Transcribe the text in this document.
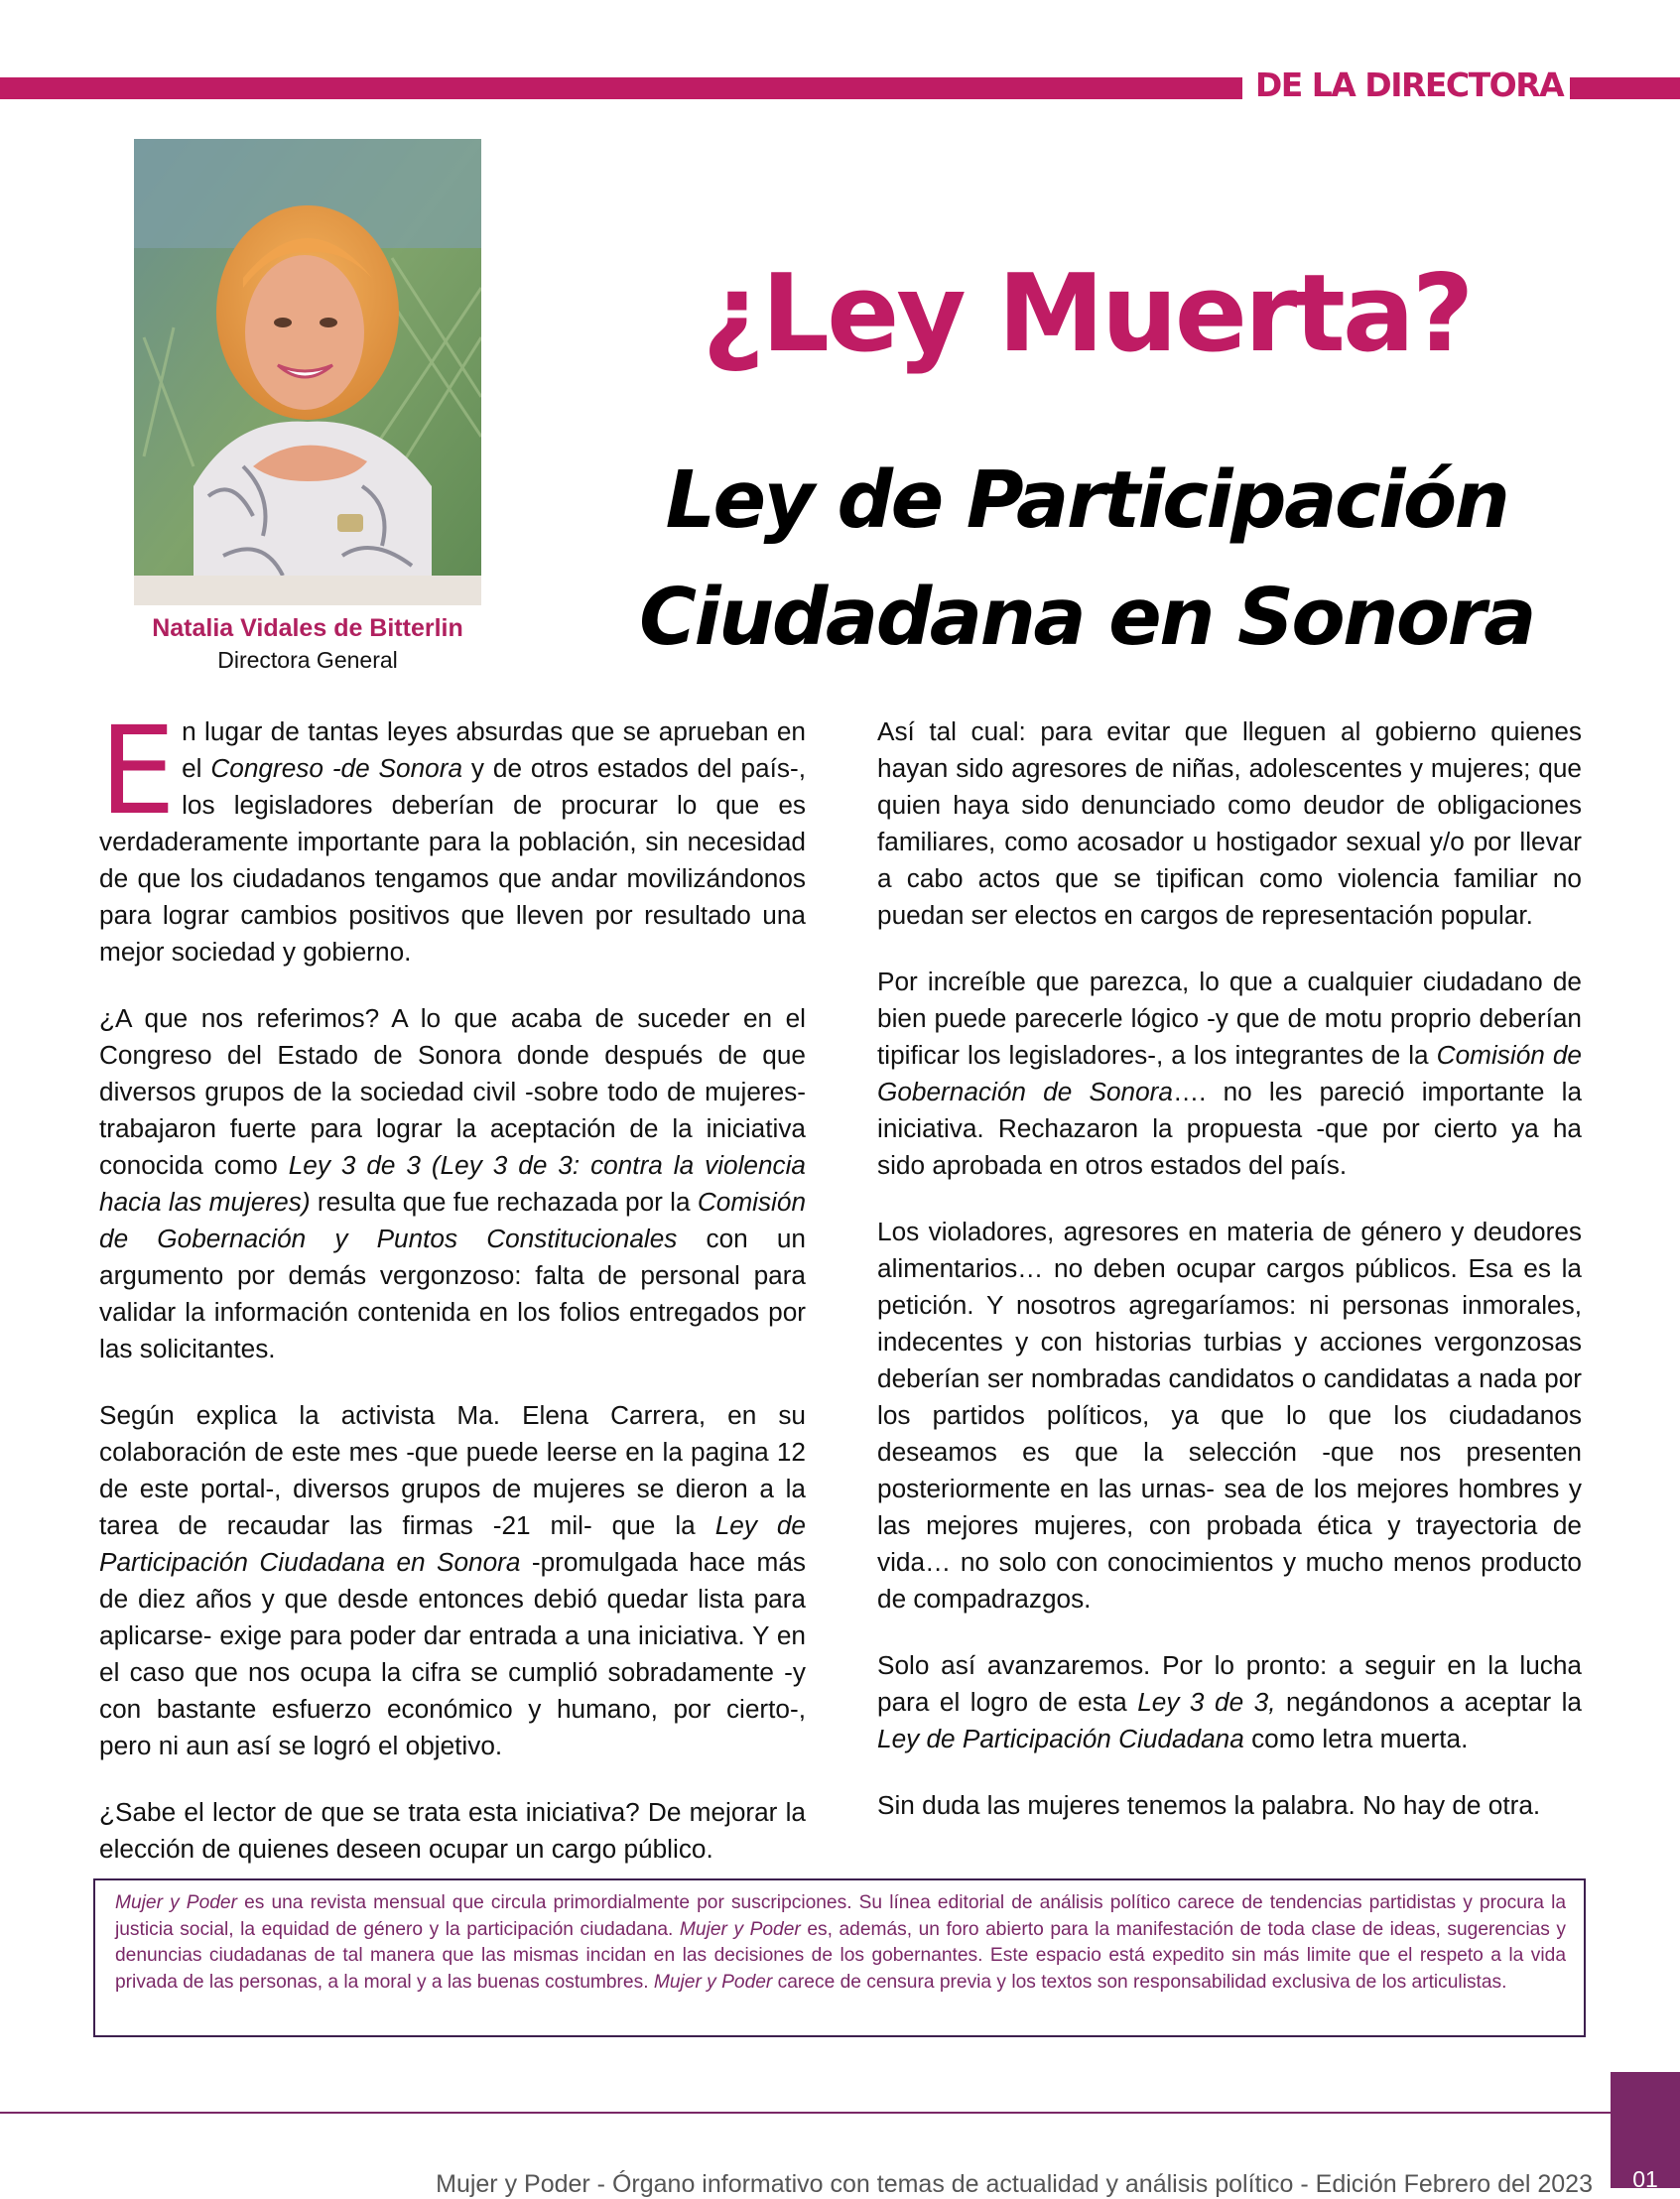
DE LA DIRECTORA
Natalia Vidales de Bitterlin
Directora General
¿Ley Muerta?
Ley de Participación
Ciudadana en Sonora

En lugar de tantas leyes absurdas que se aprueban en el Congreso -de Sonora y de otros estados del país-, los legisladores deberían de procurar lo que es verdaderamente importante para la población, sin necesidad de que los ciudadanos tengamos que andar movilizándonos para lograr cambios positivos que lleven por resultado una mejor sociedad y gobierno.

¿A que nos referimos? A lo que acaba de suceder en el Congreso del Estado de Sonora donde después de que diversos grupos de la sociedad civil -sobre todo de mujeres- trabajaron fuerte para lograr la aceptación de la iniciativa conocida como Ley 3 de 3 (Ley 3 de 3: contra la violencia hacia las mujeres) resulta que fue rechazada por la Comisión de Gobernación y Puntos Constitucionales con un argumento por demás vergonzoso: falta de personal para validar la información contenida en los folios entregados por las solicitantes.

Según explica la activista Ma. Elena Carrera, en su colaboración de este mes -que puede leerse en la pagina 12 de este portal-, diversos grupos de mujeres se dieron a la tarea de recaudar las firmas -21 mil- que la Ley de Participación Ciudadana en Sonora -promulgada hace más de diez años y que desde entonces debió quedar lista para aplicarse- exige para poder dar entrada a una iniciativa. Y en el caso que nos ocupa la cifra se cumplió sobradamente -y con bastante esfuerzo económico y humano, por cierto-, pero ni aun así se logró el objetivo.

¿Sabe el lector de que se trata esta iniciativa? De mejorar la elección de quienes deseen ocupar un cargo público.

Así tal cual: para evitar que lleguen al gobierno quienes hayan sido agresores de niñas, adolescentes y mujeres; que quien haya sido denunciado como deudor de obligaciones familiares, como acosador u hostigador sexual y/o por llevar a cabo actos que se tipifican como violencia familiar no puedan ser electos en cargos de representación popular.

Por increíble que parezca, lo que a cualquier ciudadano de bien puede parecerle lógico -y que de motu proprio deberían tipificar los legisladores-, a los integrantes de la Comisión de Gobernación de Sonora…. no les pareció importante la iniciativa. Rechazaron la propuesta -que por cierto ya ha sido aprobada en otros estados del país.

Los violadores, agresores en materia de género y deudores alimentarios… no deben ocupar cargos públicos. Esa es la petición. Y nosotros agregaríamos: ni personas inmorales, indecentes y con historias turbias y acciones vergonzosas deberían ser nombradas candidatos o candidatas a nada por los partidos políticos, ya que lo que los ciudadanos deseamos es que la selección -que nos presenten posteriormente en las urnas- sea de los mejores hombres y las mejores mujeres, con probada ética y trayectoria de vida… no solo con conocimientos y mucho menos producto de compadrazgos.

Solo así avanzaremos. Por lo pronto: a seguir en la lucha para el logro de esta Ley 3 de 3, negándonos a aceptar la Ley de Participación Ciudadana como letra muerta.

Sin duda las mujeres tenemos la palabra. No hay de otra.

Mujer y Poder es una revista mensual que circula primordialmente por suscripciones. Su línea editorial de análisis político carece de tendencias partidistas y procura la justicia social, la equidad de género y la participación ciudadana. Mujer y Poder es, además, un foro abierto para la manifestación de toda clase de ideas, sugerencias y denuncias ciudadanas de tal manera que las mismas incidan en las decisiones de los gobernantes. Este espacio está expedito sin más limite que el respeto a la vida privada de las personas, a la moral y a las buenas costumbres. Mujer y Poder carece de censura previa y los textos son responsabilidad exclusiva de los articulistas.
Mujer y Poder - Órgano informativo con temas de actualidad y análisis político - Edición Febrero del 2023	01
